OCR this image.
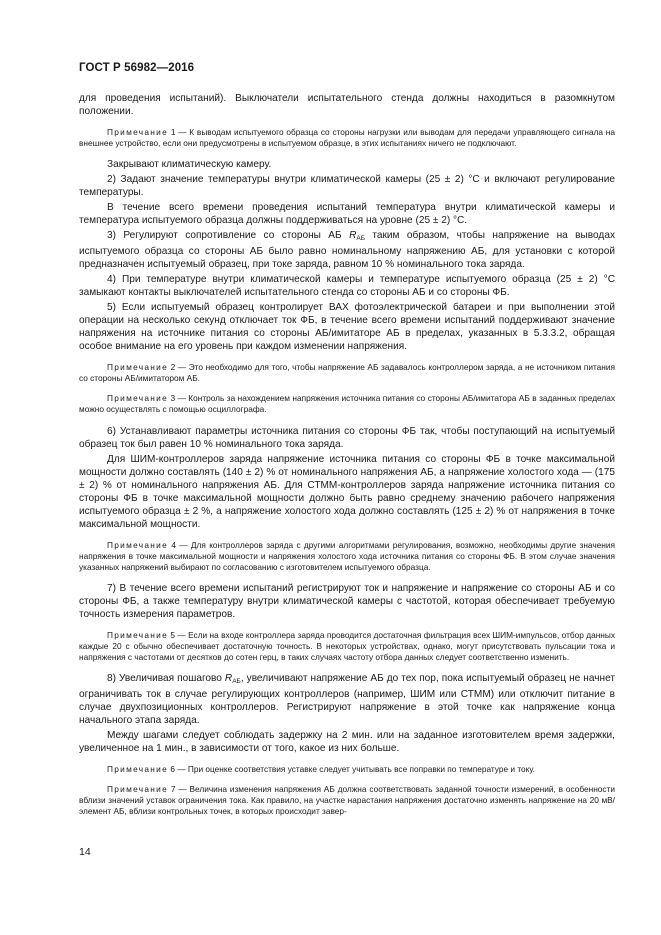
ГОСТ Р 56982—2016

для проведения испытаний). Выключатели испытательного стенда должны находиться в разомкнутом положении.

Примечание 1 — К выводам испытуемого образца со стороны нагрузки или выводам для передачи управляющего сигнала на внешнее устройство, если они предусмотрены в испытуемом образце, в этих испытаниях ничего не подключают.

Закрывают климатическую камеру.

2) Задают значение температуры внутри климатической камеры (25 ± 2) °C и включают регулирование температуры.

В течение всего времени проведения испытаний температура внутри климатической камеры и температура испытуемого образца должны поддерживаться на уровне (25 ± 2) °C.

3) Регулируют сопротивление со стороны АБ $R_{АБ}$ таким образом, чтобы напряжение на выводах испытуемого образца со стороны АБ было равно номинальному напряжению АБ, для установки с которой предназначен испытуемый образец, при токе заряда, равном 10 % номинального тока заряда.

4) При температуре внутри климатической камеры и температуре испытуемого образца (25 ± 2) °C замыкают контакты выключателей испытательного стенда со стороны АБ и со стороны ФБ.

5) Если испытуемый образец контролирует ВАХ фотоэлектрической батареи и при выполнении этой операции на несколько секунд отключает ток ФБ, в течение всего времени испытаний поддерживают значение напряжения на источнике питания со стороны АБ/имитаторе АБ в пределах, указанных в 5.3.3.2, обращая особое внимание на его уровень при каждом изменении напряжения.

Примечание 2 — Это необходимо для того, чтобы напряжение АБ задавалось контроллером заряда, а не источником питания со стороны АБ/имитатором АБ.

Примечание 3 — Контроль за нахождением напряжения источника питания со стороны АБ/имитатора АБ в заданных пределах можно осуществлять с помощью осциллографа.

6) Устанавливают параметры источника питания со стороны ФБ так, чтобы поступающий на испытуемый образец ток был равен 10 % номинального тока заряда.

Для ШИМ-контроллеров заряда напряжение источника питания со стороны ФБ в точке максимальной мощности должно составлять (140 ± 2) % от номинального напряжения АБ, а напряжение холостого хода — (175 ± 2) % от номинального напряжения АБ. Для СТММ-контроллеров заряда напряжение источника питания со стороны ФБ в точке максимальной мощности должно быть равно среднему значению рабочего напряжения испытуемого образца ± 2 %, а напряжение холостого хода должно составлять (125 ± 2) % от напряжения в точке максимальной мощности.

Примечание 4 — Для контроллеров заряда с другими алгоритмами регулирования, возможно, необходимы другие значения напряжения в точке максимальной мощности и напряжения холостого хода источника питания со стороны ФБ. В этом случае значения указанных напряжений выбирают по согласованию с изготовителем испытуемого образца.

7) В течение всего времени испытаний регистрируют ток и напряжение и напряжение со стороны АБ и со стороны ФБ, а также температуру внутри климатической камеры с частотой, которая обеспечивает требуемую точность измерения параметров.

Примечание 5 — Если на входе контроллера заряда проводится достаточная фильтрация всех ШИМ-импульсов, отбор данных каждые 20 с обычно обеспечивает достаточную точность. В некоторых устройствах, однако, могут присутствовать пульсации тока и напряжения с частотами от десятков до сотен герц, в таких случаях частоту отбора данных следует соответственно изменить.

8) Увеличивая пошагово $R_{АБ}$, увеличивают напряжение АБ до тех пор, пока испытуемый образец не начнет ограничивать ток в случае регулирующих контроллеров (например, ШИМ или СТММ) или отключит питание в случае двухпозиционных контроллеров. Регистрируют напряжение в этой точке как напряжение конца начального этапа заряда.

Между шагами следует соблюдать задержку на 2 мин. или на заданное изготовителем время задержки, увеличенное на 1 мин., в зависимости от того, какое из них больше.

Примечание 6 — При оценке соответствия уставке следует учитывать все поправки по температуре и току.

Примечание 7 — Величина изменения напряжения АБ должна соответствовать заданной точности измерений, в особенности вблизи значений уставок ограничения тока. Как правило, на участке нарастания напряжения достаточно изменять напряжение на 20 мВ/элемент АБ, вблизи контрольных точек, в которых происходит завер-

14
